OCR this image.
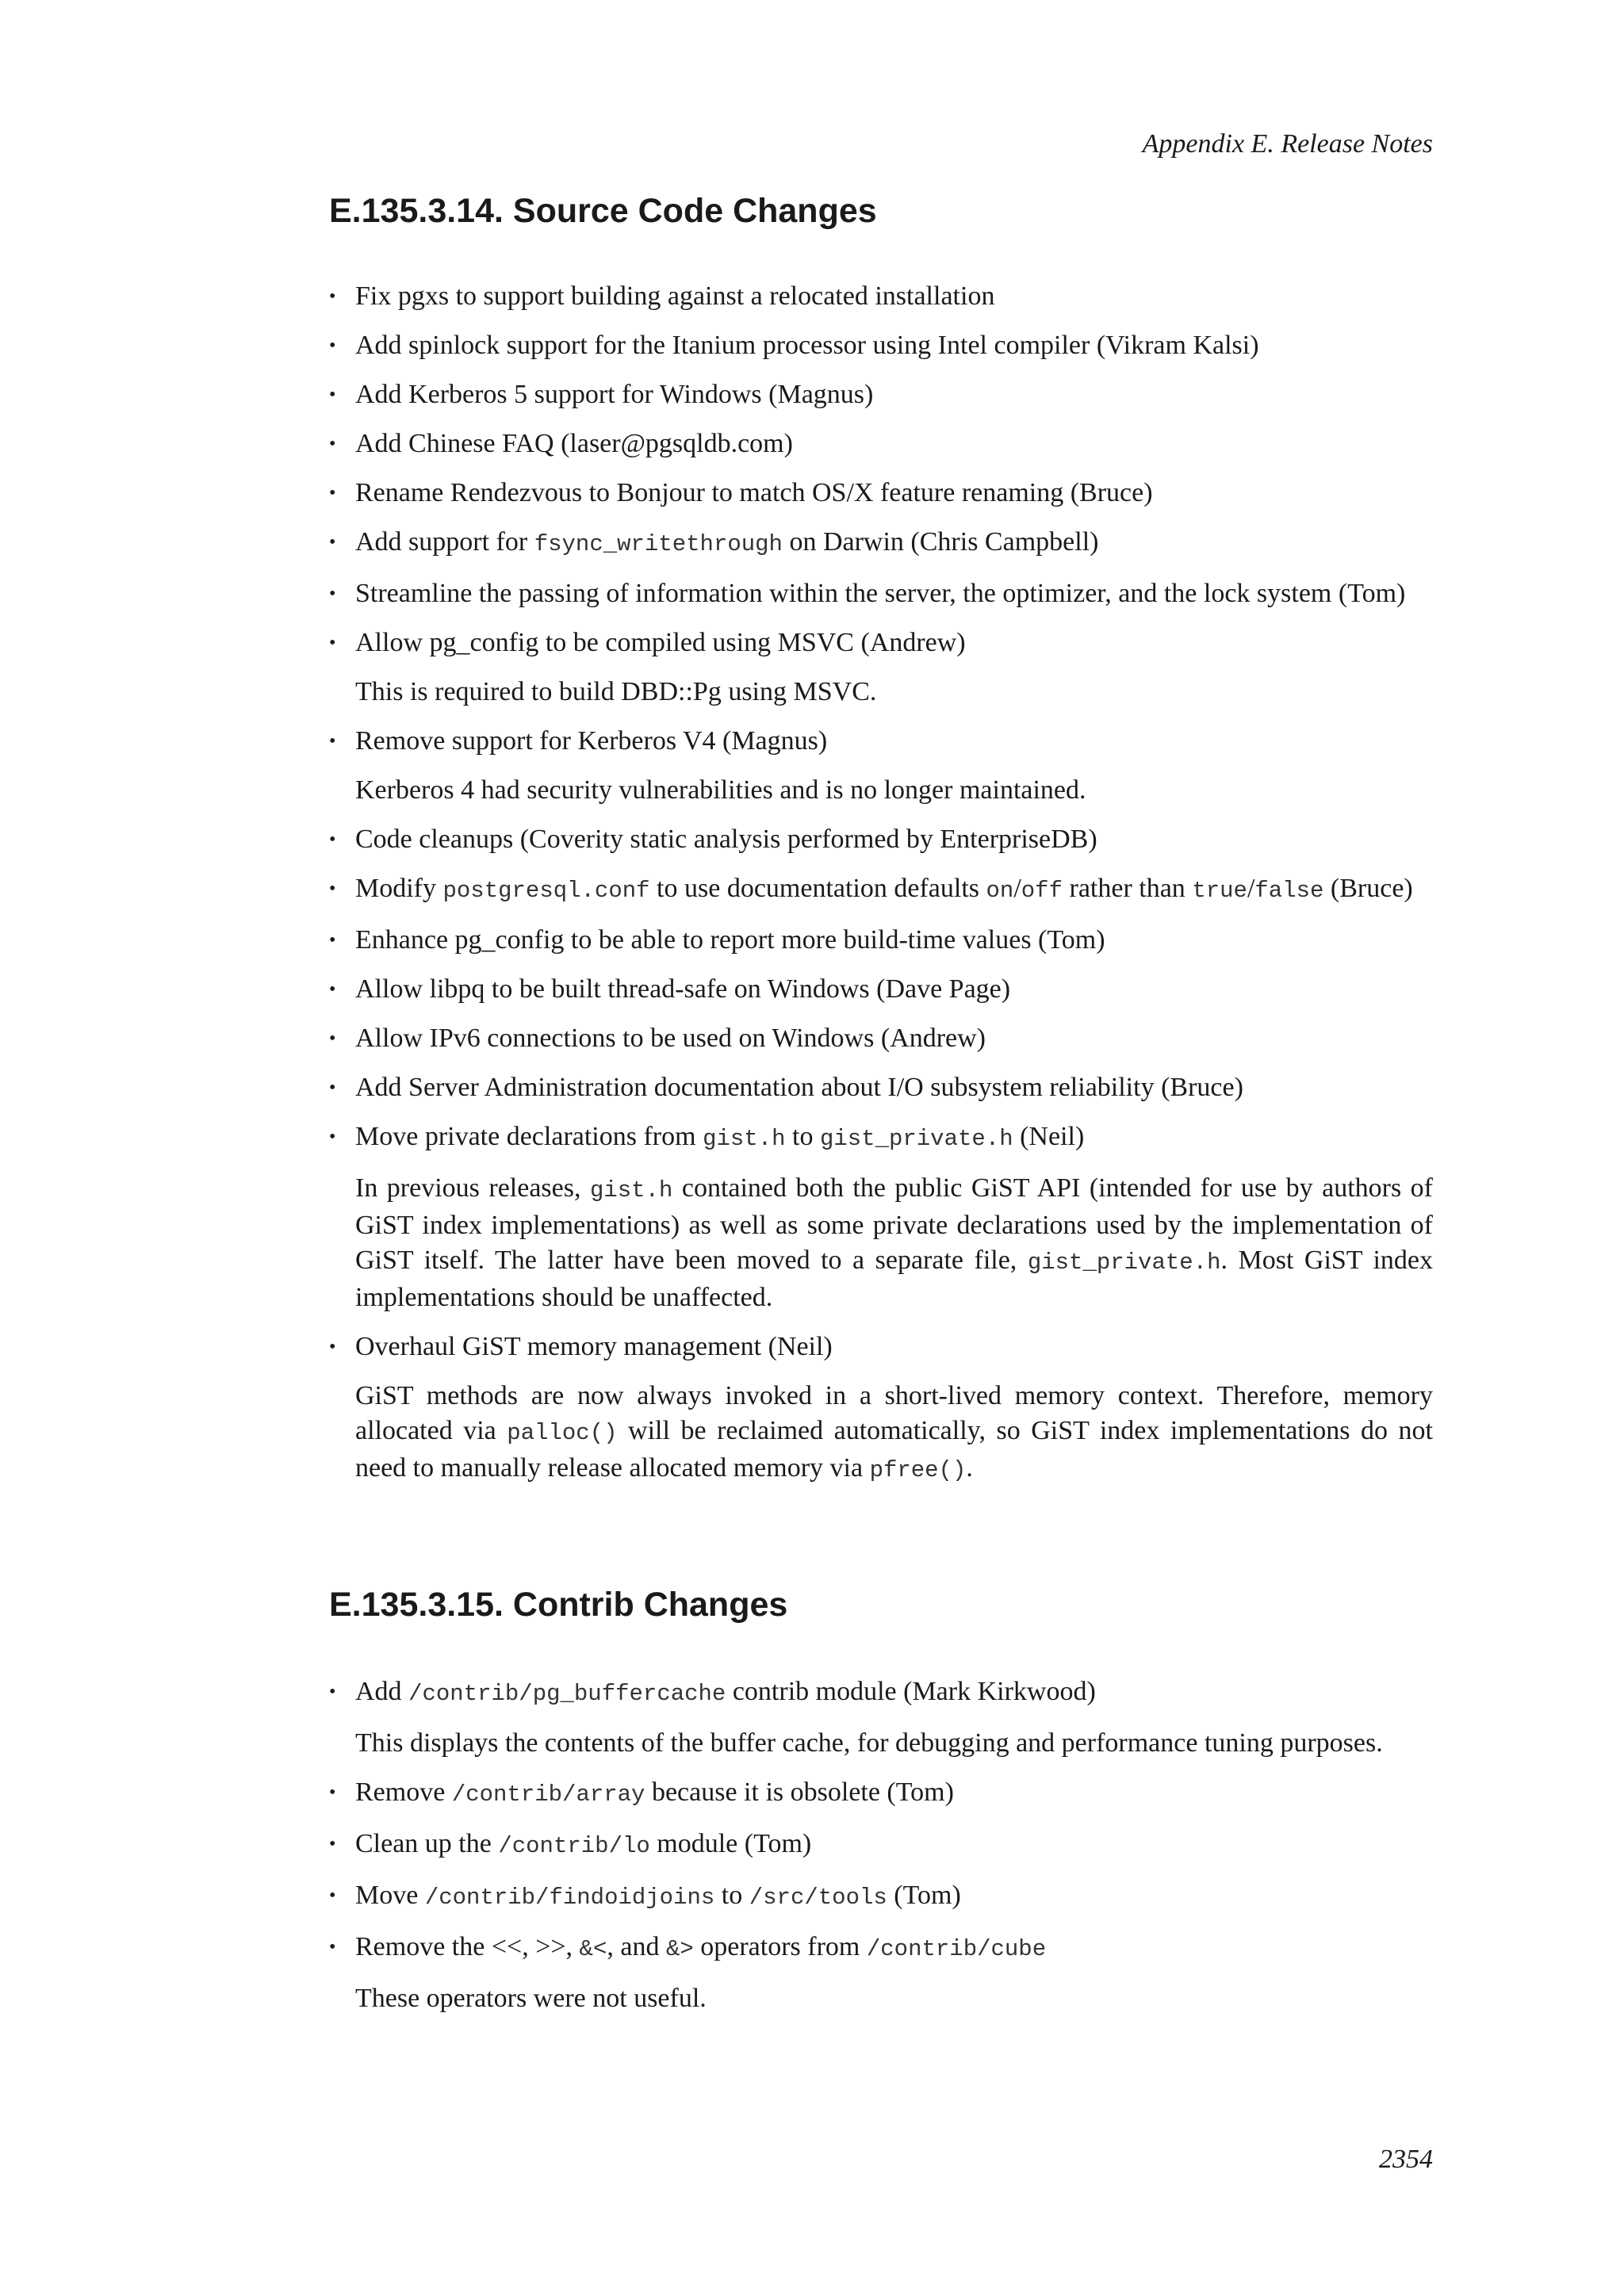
Appendix E. Release Notes
E.135.3.14. Source Code Changes
• Fix pgxs to support building against a relocated installation
• Add spinlock support for the Itanium processor using Intel compiler (Vikram Kalsi)
• Add Kerberos 5 support for Windows (Magnus)
• Add Chinese FAQ (laser@pgsqldb.com)
• Rename Rendezvous to Bonjour to match OS/X feature renaming (Bruce)
• Add support for fsync_writethrough on Darwin (Chris Campbell)
• Streamline the passing of information within the server, the optimizer, and the lock system (Tom)
• Allow pg_config to be compiled using MSVC (Andrew)
This is required to build DBD::Pg using MSVC.
• Remove support for Kerberos V4 (Magnus)
Kerberos 4 had security vulnerabilities and is no longer maintained.
• Code cleanups (Coverity static analysis performed by EnterpriseDB)
• Modify postgresql.conf to use documentation defaults on/off rather than true/false (Bruce)
• Enhance pg_config to be able to report more build-time values (Tom)
• Allow libpq to be built thread-safe on Windows (Dave Page)
• Allow IPv6 connections to be used on Windows (Andrew)
• Add Server Administration documentation about I/O subsystem reliability (Bruce)
• Move private declarations from gist.h to gist_private.h (Neil)
In previous releases, gist.h contained both the public GiST API (intended for use by authors of GiST index implementations) as well as some private declarations used by the implementation of GiST itself. The latter have been moved to a separate file, gist_private.h. Most GiST index implementations should be unaffected.
• Overhaul GiST memory management (Neil)
GiST methods are now always invoked in a short-lived memory context. Therefore, memory allocated via palloc() will be reclaimed automatically, so GiST index implementations do not need to manually release allocated memory via pfree().
E.135.3.15. Contrib Changes
• Add /contrib/pg_buffercache contrib module (Mark Kirkwood)
This displays the contents of the buffer cache, for debugging and performance tuning purposes.
• Remove /contrib/array because it is obsolete (Tom)
• Clean up the /contrib/lo module (Tom)
• Move /contrib/findoidjoins to /src/tools (Tom)
• Remove the <<, >>, &<, and &> operators from /contrib/cube
These operators were not useful.
2354
